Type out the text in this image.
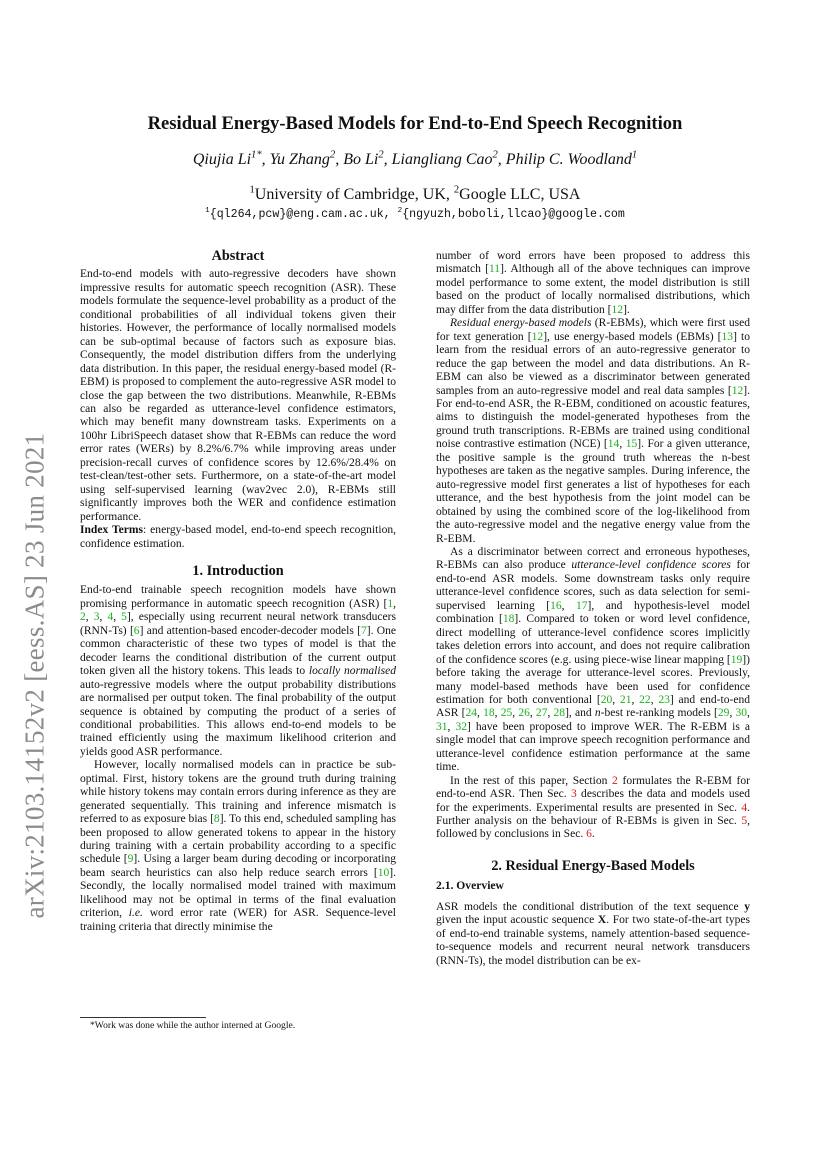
arXiv:2103.14152v2 [eess.AS] 23 Jun 2021
Residual Energy-Based Models for End-to-End Speech Recognition
Qiujia $Li^{1*}$, Yu Zhang$^2$, Bo Li$^2$, Liangliang Cao$^2$, Philip C. Woodland$^1$
$^1$University of Cambridge, UK, $^2$Google LLC, USA
$^1${ql264,pcw}@eng.cam.ac.uk, $^2${ngyuzh,boboli,llcao}@google.com
Abstract

End-to-end models with auto-regressive decoders have shown impressive results for automatic speech recognition (ASR). These models formulate the sequence-level probability as a product of the conditional probabilities of all individual tokens given their histories. However, the performance of locally normalised models can be sub-optimal because of factors such as exposure bias. Consequently, the model distribution differs from the underlying data distribution. In this paper, the residual energy-based model (R-EBM) is proposed to complement the auto-regressive ASR model to close the gap between the two distributions. Meanwhile, R-EBMs can also be regarded as utterance-level confidence estimators, which may benefit many downstream tasks. Experiments on a 100hr LibriSpeech dataset show that R-EBMs can reduce the word error rates (WERs) by 8.2%/6.7% while improving areas under precision-recall curves of confidence scores by 12.6%/28.4% on test-clean/test-other sets. Furthermore, on a state-of-the-art model using self-supervised learning (wav2vec 2.0), R-EBMs still significantly improves both the WER and confidence estimation performance.

Index Terms: energy-based model, end-to-end speech recognition, confidence estimation.

1. Introduction

End-to-end trainable speech recognition models have shown promising performance in automatic speech recognition (ASR) [1, 2, 3, 4, 5], especially using recurrent neural network transducers (RNN-Ts) [6] and attention-based encoder-decoder models [7]. One common characteristic of these two types of model is that the decoder learns the conditional distribution of the current output token given all the history tokens. This leads to locally normalised auto-regressive models where the output probability distributions are normalised per output token. The final probability of the output sequence is obtained by computing the product of a series of conditional probabilities. This allows end-to-end models to be trained efficiently using the maximum likelihood criterion and yields good ASR performance.

However, locally normalised models can in practice be sub-optimal. First, history tokens are the ground truth during training while history tokens may contain errors during inference as they are generated sequentially. This training and inference mismatch is referred to as exposure bias [8]. To this end, scheduled sampling has been proposed to allow generated tokens to appear in the history during training with a certain probability according to a specific schedule [9]. Using a larger beam during decoding or incorporating beam search heuristics can also help reduce search errors [10]. Secondly, the locally normalised model trained with maximum likelihood may not be optimal in terms of the final evaluation criterion, i.e. word error rate (WER) for ASR. Sequence-level training criteria that directly minimise the

*Work was done while the author interned at Google.

number of word errors have been proposed to address this mismatch [11]. Although all of the above techniques can improve model performance to some extent, the model distribution is still based on the product of locally normalised distributions, which may differ from the data distribution [12].

Residual energy-based models (R-EBMs), which were first used for text generation [12], use energy-based models (EBMs) [13] to learn from the residual errors of an auto-regressive generator to reduce the gap between the model and data distributions. An R-EBM can also be viewed as a discriminator between generated samples from an auto-regressive model and real data samples [12]. For end-to-end ASR, the R-EBM, conditioned on acoustic features, aims to distinguish the model-generated hypotheses from the ground truth transcriptions. R-EBMs are trained using conditional noise contrastive estimation (NCE) [14, 15]. For a given utterance, the positive sample is the ground truth whereas the n-best hypotheses are taken as the negative samples. During inference, the auto-regressive model first generates a list of hypotheses for each utterance, and the best hypothesis from the joint model can be obtained by using the combined score of the log-likelihood from the auto-regressive model and the negative energy value from the R-EBM.

As a discriminator between correct and erroneous hypotheses, R-EBMs can also produce utterance-level confidence scores for end-to-end ASR models. Some downstream tasks only require utterance-level confidence scores, such as data selection for semi-supervised learning [16, 17], and hypothesis-level model combination [18]. Compared to token or word level confidence, direct modelling of utterance-level confidence scores implicitly takes deletion errors into account, and does not require calibration of the confidence scores (e.g. using piece-wise linear mapping [19]) before taking the average for utterance-level scores. Previously, many model-based methods have been used for confidence estimation for both conventional [20, 21, 22, 23] and end-to-end ASR [24, 18, 25, 26, 27, 28], and n-best re-ranking models [29, 30, 31, 32] have been proposed to improve WER. The R-EBM is a single model that can improve speech recognition performance and utterance-level confidence estimation performance at the same time.

In the rest of this paper, Section 2 formulates the R-EBM for end-to-end ASR. Then Sec. 3 describes the data and models used for the experiments. Experimental results are presented in Sec. 4. Further analysis on the behaviour of R-EBMs is given in Sec. 5, followed by conclusions in Sec. 6.

2. Residual Energy-Based Models
2.1. Overview

ASR models the conditional distribution of the text sequence y given the input acoustic sequence X. For two state-of-the-art types of end-to-end trainable systems, namely attention-based sequence-to-sequence models and recurrent neural network transducers (RNN-Ts), the model distribution can be ex-
